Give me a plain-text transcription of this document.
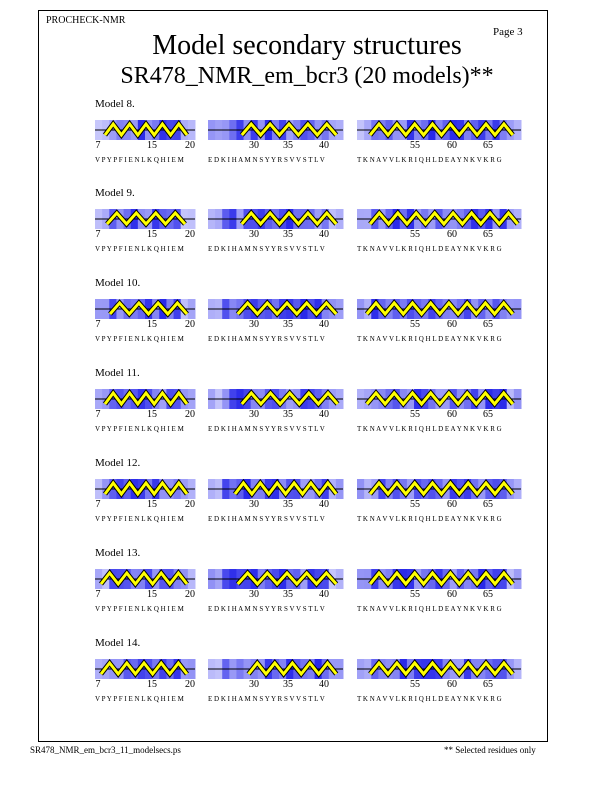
PROCHECK-NMR
Page 3
Model secondary structures
SR478_NMR_em_bcr3 (20 models)**
Model 8.
7	15	20
V P Y P F I E N L K Q H I E M
30 35	40
E D K I H A M N S Y Y R S V V S T L V
55	60	65
T K N A V V L K R I Q H L D E A Y N K V K R G
Model 9.
7	15	20
V P Y P F I E N L K Q H I E M
30 35	40
E D K I H A M N S Y Y R S V V S T L V
55	60	65
T K N A V V L K R I Q H L D E A Y N K V K R G
Model 10.
7	15	20
V P Y P F I E N L K Q H I E M
30 35	40
E D K I H A M N S Y Y R S V V S T L V
55	60	65
T K N A V V L K R I Q H L D E A Y N K V K R G
Model 11.
7	15	20
V P Y P F I E N L K Q H I E M
30 35	40
E D K I H A M N S Y Y R S V V S T L V
55	60	65
T K N A V V L K R I Q H L D E A Y N K V K R G
Model 12.
7	15	20
V P Y P F I E N L K Q H I E M
30 35	40
E D K I H A M N S Y Y R S V V S T L V
55	60	65
T K N A V V L K R I Q H L D E A Y N K V K R G
Model 13.
7	15	20
V P Y P F I E N L K Q H I E M
30 35	40
E D K I H A M N S Y Y R S V V S T L V
55	60	65
T K N A V V L K R I Q H L D E A Y N K V K R G
Model 14.
7	15	20
V P Y P F I E N L K Q H I E M
30 35	40
E D K I H A M N S Y Y R S V V S T L V
55	60	65
T K N A V V L K R I Q H L D E A Y N K V K R G
SR478_NMR_em_bcr3_11_modelsecs.ps	** Selected residues only
